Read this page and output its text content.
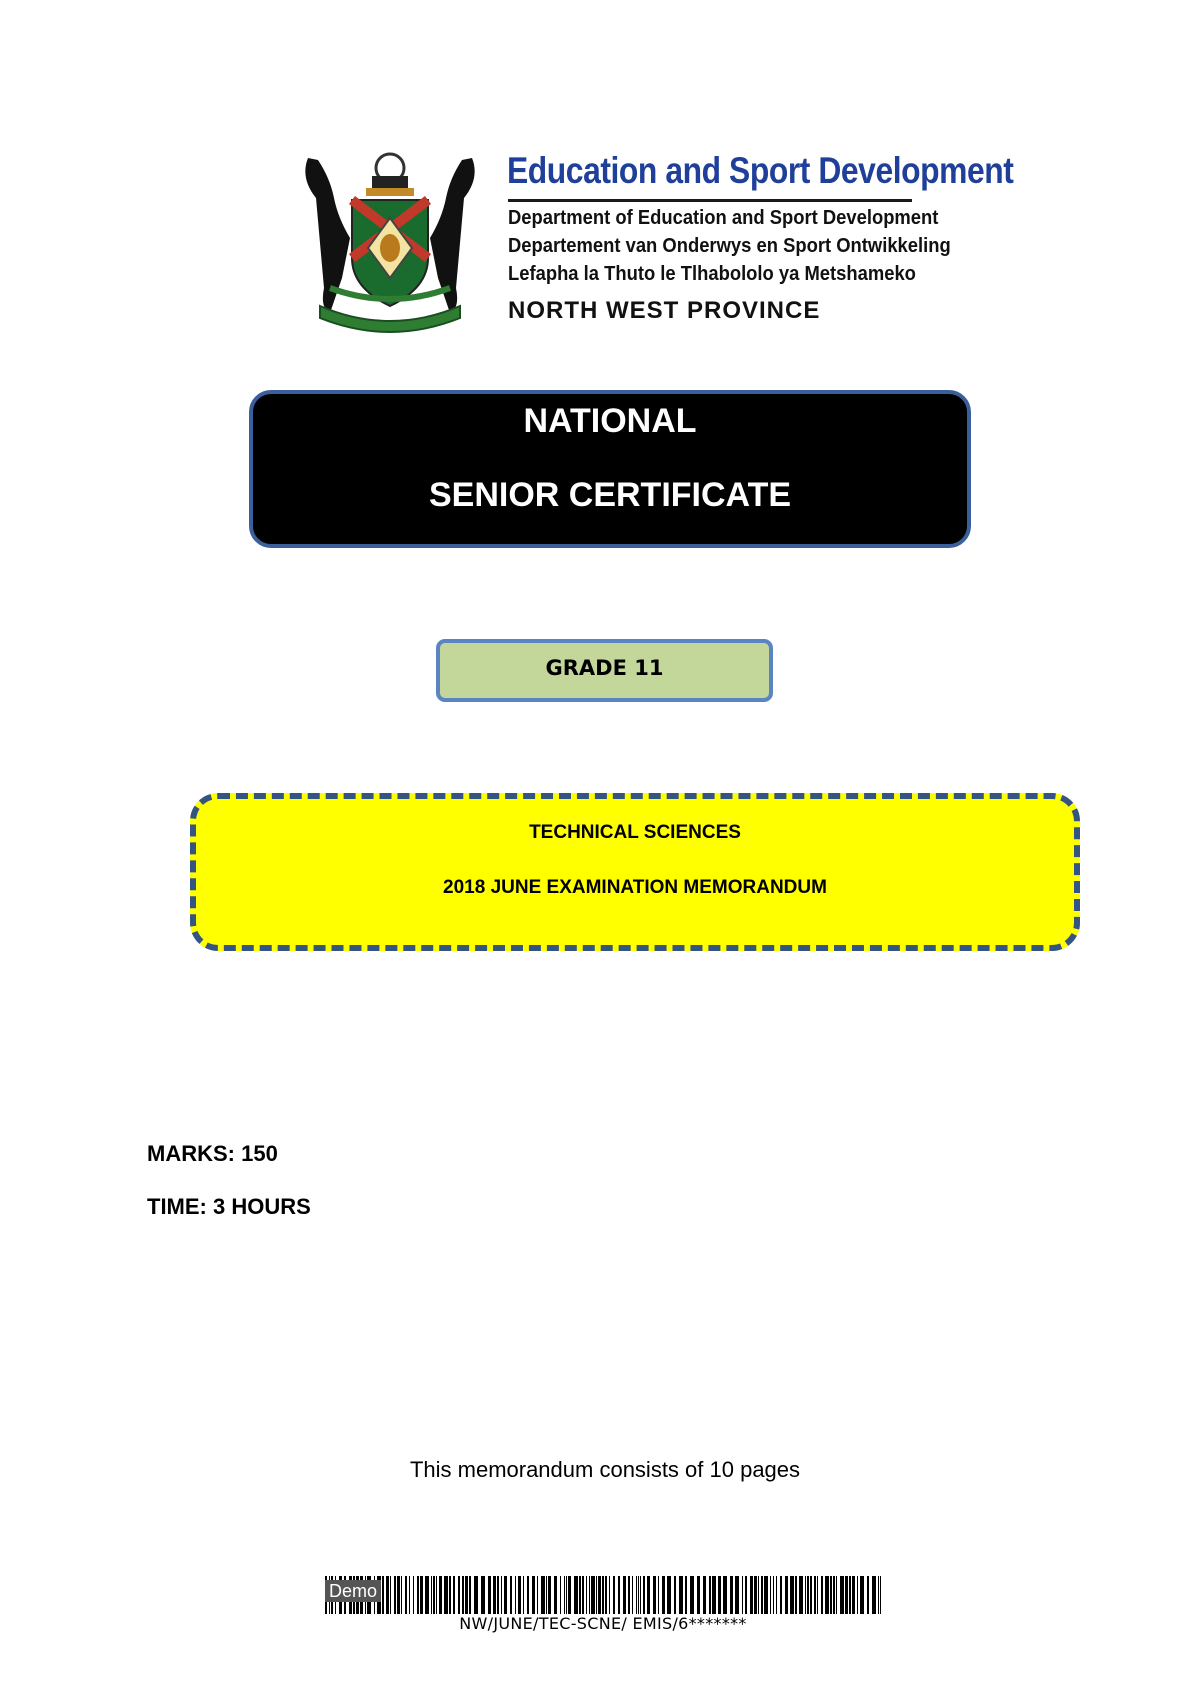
Education and Sport Development
Department of Education and Sport Development
Departement van Onderwys en Sport Ontwikkeling
Lefapha la Thuto le Tlhabololo ya Metshameko
NORTH WEST PROVINCE
NATIONAL
SENIOR CERTIFICATE
GRADE 11
TECHNICAL SCIENCES
2018 JUNE EXAMINATION MEMORANDUM
MARKS: 150
TIME: 3 HOURS
This memorandum consists of 10 pages
Demo
NW/JUNE/TEC-SCNE/ EMIS/6*******
